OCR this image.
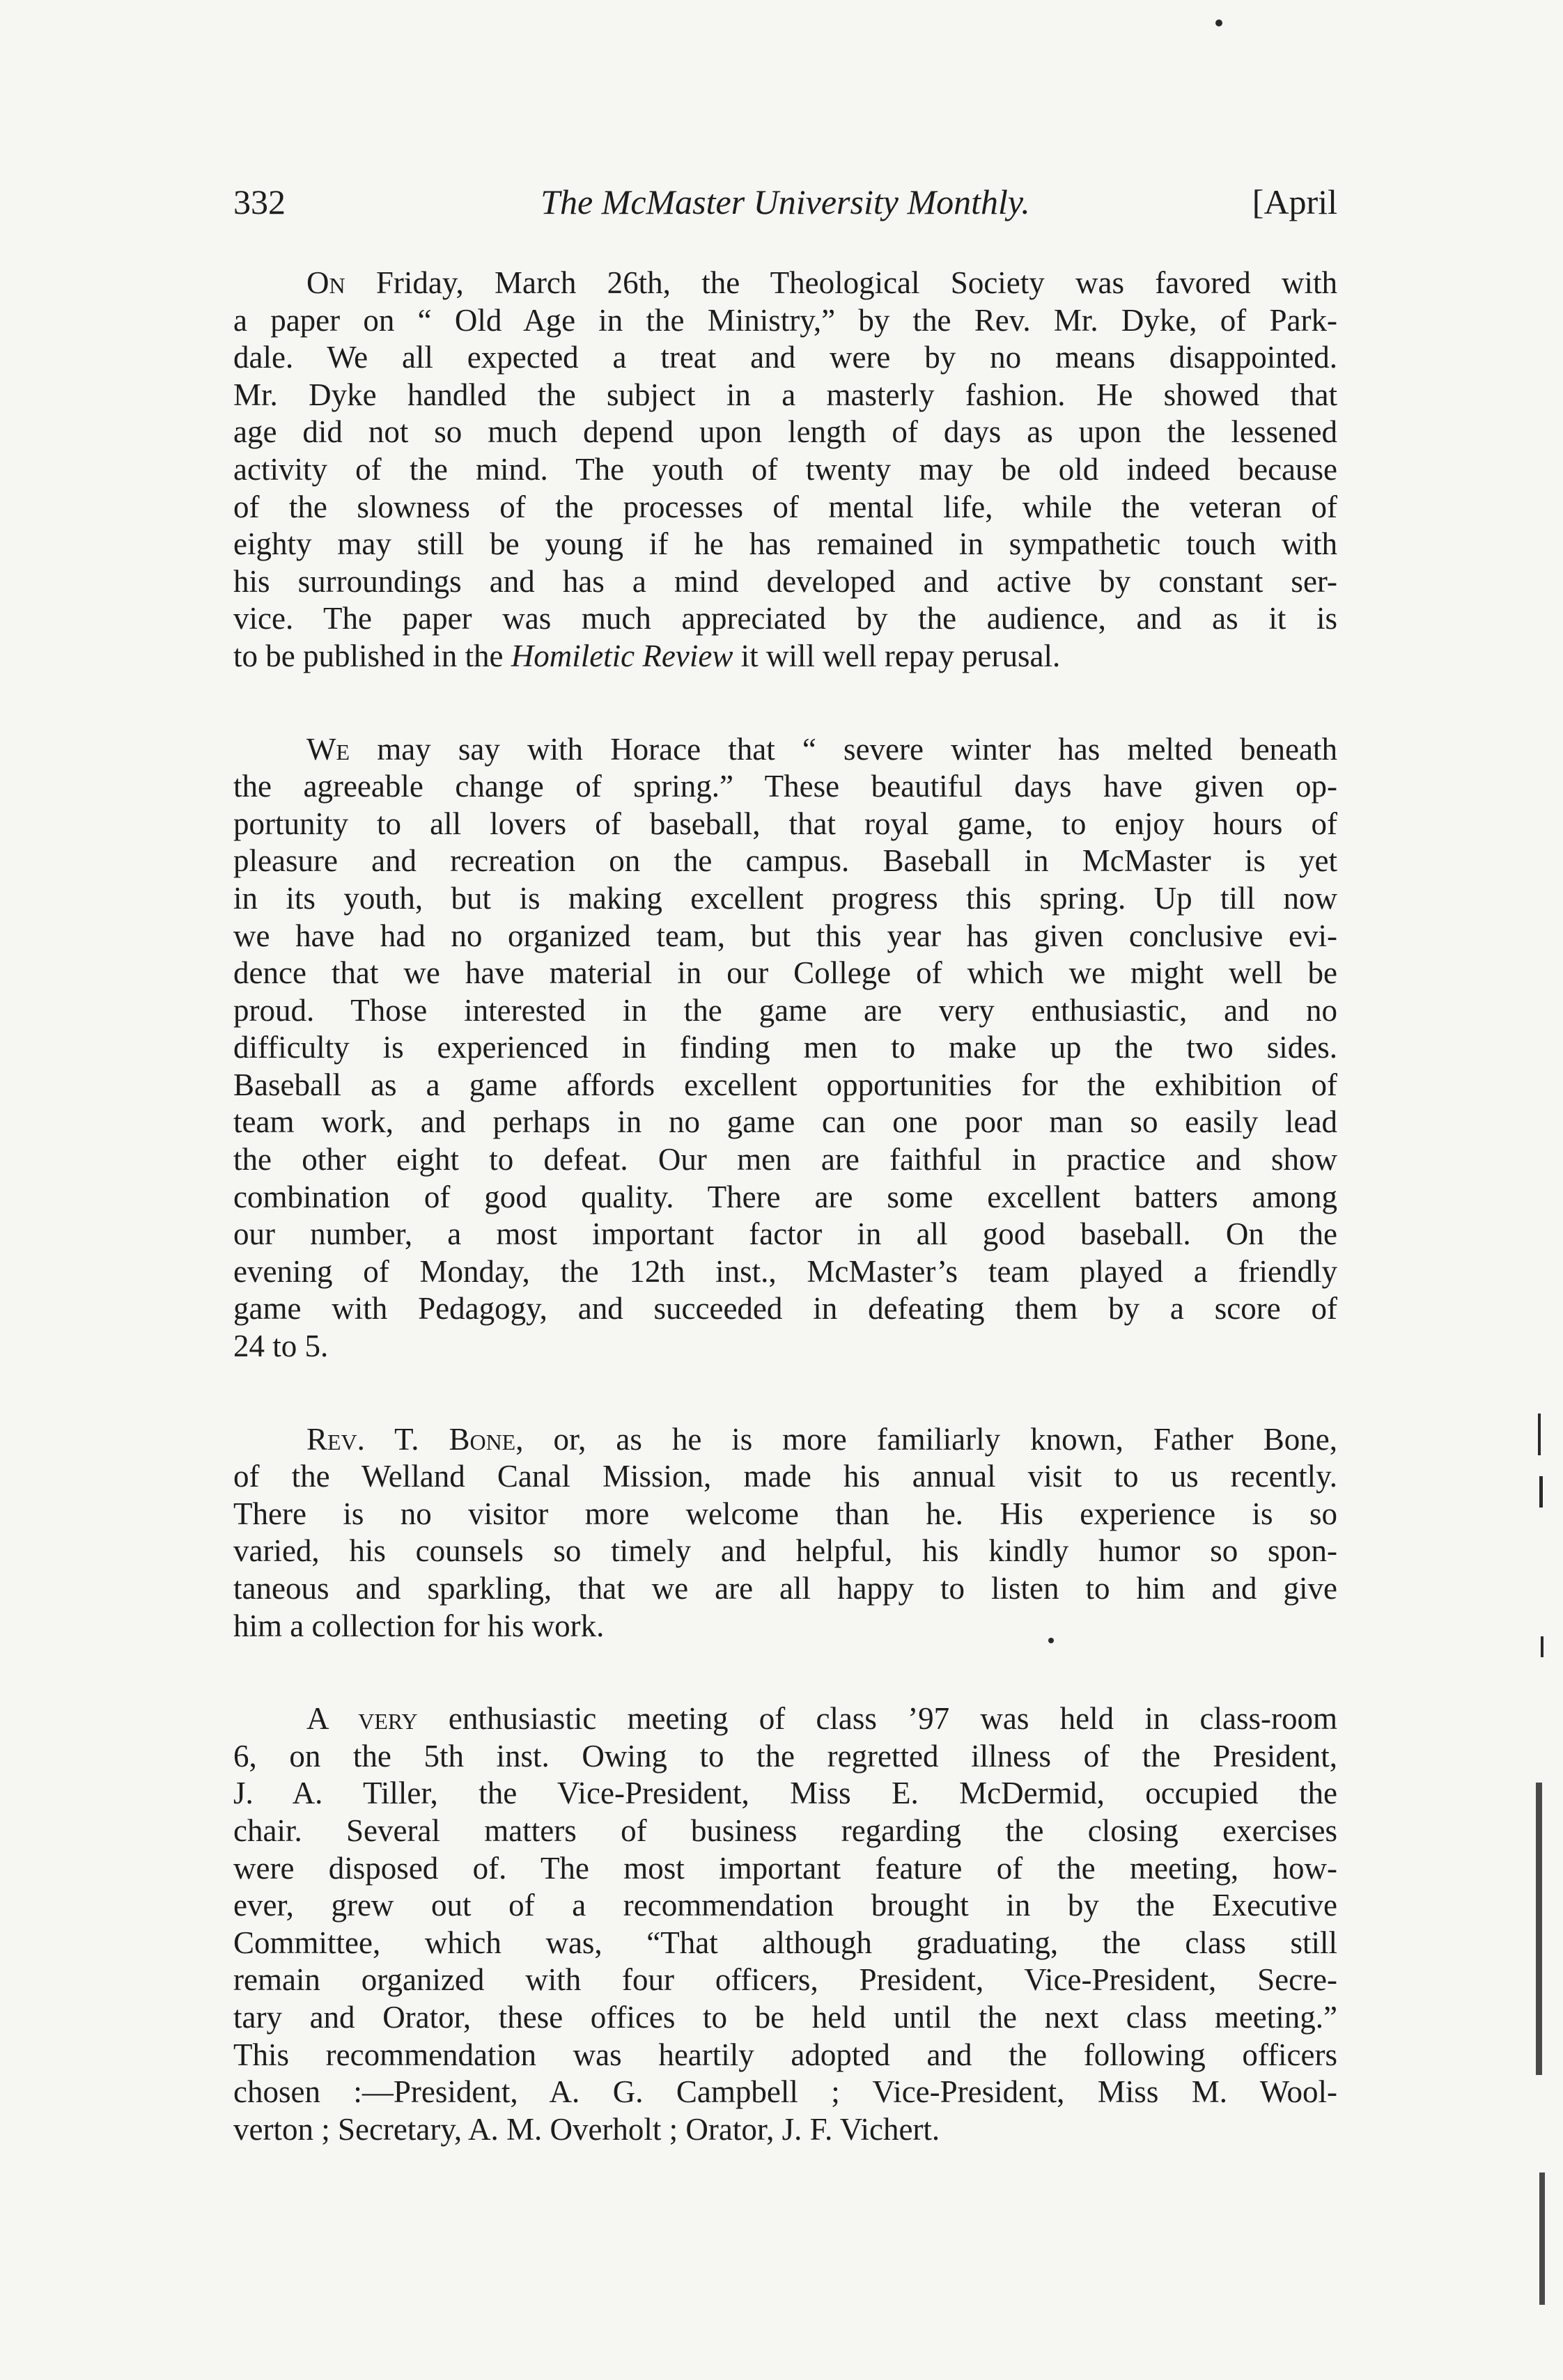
332	The McMaster University Monthly.	[April
On Friday, March 26th, the Theological Society was favored with
a paper on “ Old Age in the Ministry,” by the Rev. Mr. Dyke, of Park-
dale. We all expected a treat and were by no means disappointed.
Mr. Dyke handled the subject in a masterly fashion. He showed that
age did not so much depend upon length of days as upon the lessened
activity of the mind. The youth of twenty may be old indeed because
of the slowness of the processes of mental life, while the veteran of
eighty may still be young if he has remained in sympathetic touch with
his surroundings and has a mind developed and active by constant ser-
vice. The paper was much appreciated by the audience, and as it is
to be published in the Homiletic Review it will well repay perusal.
We may say with Horace that “ severe winter has melted beneath
the agreeable change of spring.” These beautiful days have given op-
portunity to all lovers of baseball, that royal game, to enjoy hours of
pleasure and recreation on the campus. Baseball in McMaster is yet
in its youth, but is making excellent progress this spring. Up till now
we have had no organized team, but this year has given conclusive evi-
dence that we have material in our College of which we might well be
proud. Those interested in the game are very enthusiastic, and no
difficulty is experienced in finding men to make up the two sides.
Baseball as a game affords excellent opportunities for the exhibition of
team work, and perhaps in no game can one poor man so easily lead
the other eight to defeat. Our men are faithful in practice and show
combination of good quality. There are some excellent batters among
our number, a most important factor in all good baseball. On the
evening of Monday, the 12th inst., McMaster’s team played a friendly
game with Pedagogy, and succeeded in defeating them by a score of
24 to 5.
Rev. T. Bone, or, as he is more familiarly known, Father Bone,
of the Welland Canal Mission, made his annual visit to us recently.
There is no visitor more welcome than he. His experience is so
varied, his counsels so timely and helpful, his kindly humor so spon-
taneous and sparkling, that we are all happy to listen to him and give
him a collection for his work.
A very enthusiastic meeting of class ’97 was held in class-room
6, on the 5th inst. Owing to the regretted illness of the President,
J. A. Tiller, the Vice-President, Miss E. McDermid, occupied the
chair. Several matters of business regarding the closing exercises
were disposed of. The most important feature of the meeting, how-
ever, grew out of a recommendation brought in by the Executive
Committee, which was, “That although graduating, the class still
remain organized with four officers, President, Vice-President, Secre-
tary and Orator, these offices to be held until the next class meeting.”
This recommendation was heartily adopted and the following officers
chosen :—President, A. G. Campbell ; Vice-President, Miss M. Wool-
verton ; Secretary, A. M. Overholt ; Orator, J. F. Vichert.
